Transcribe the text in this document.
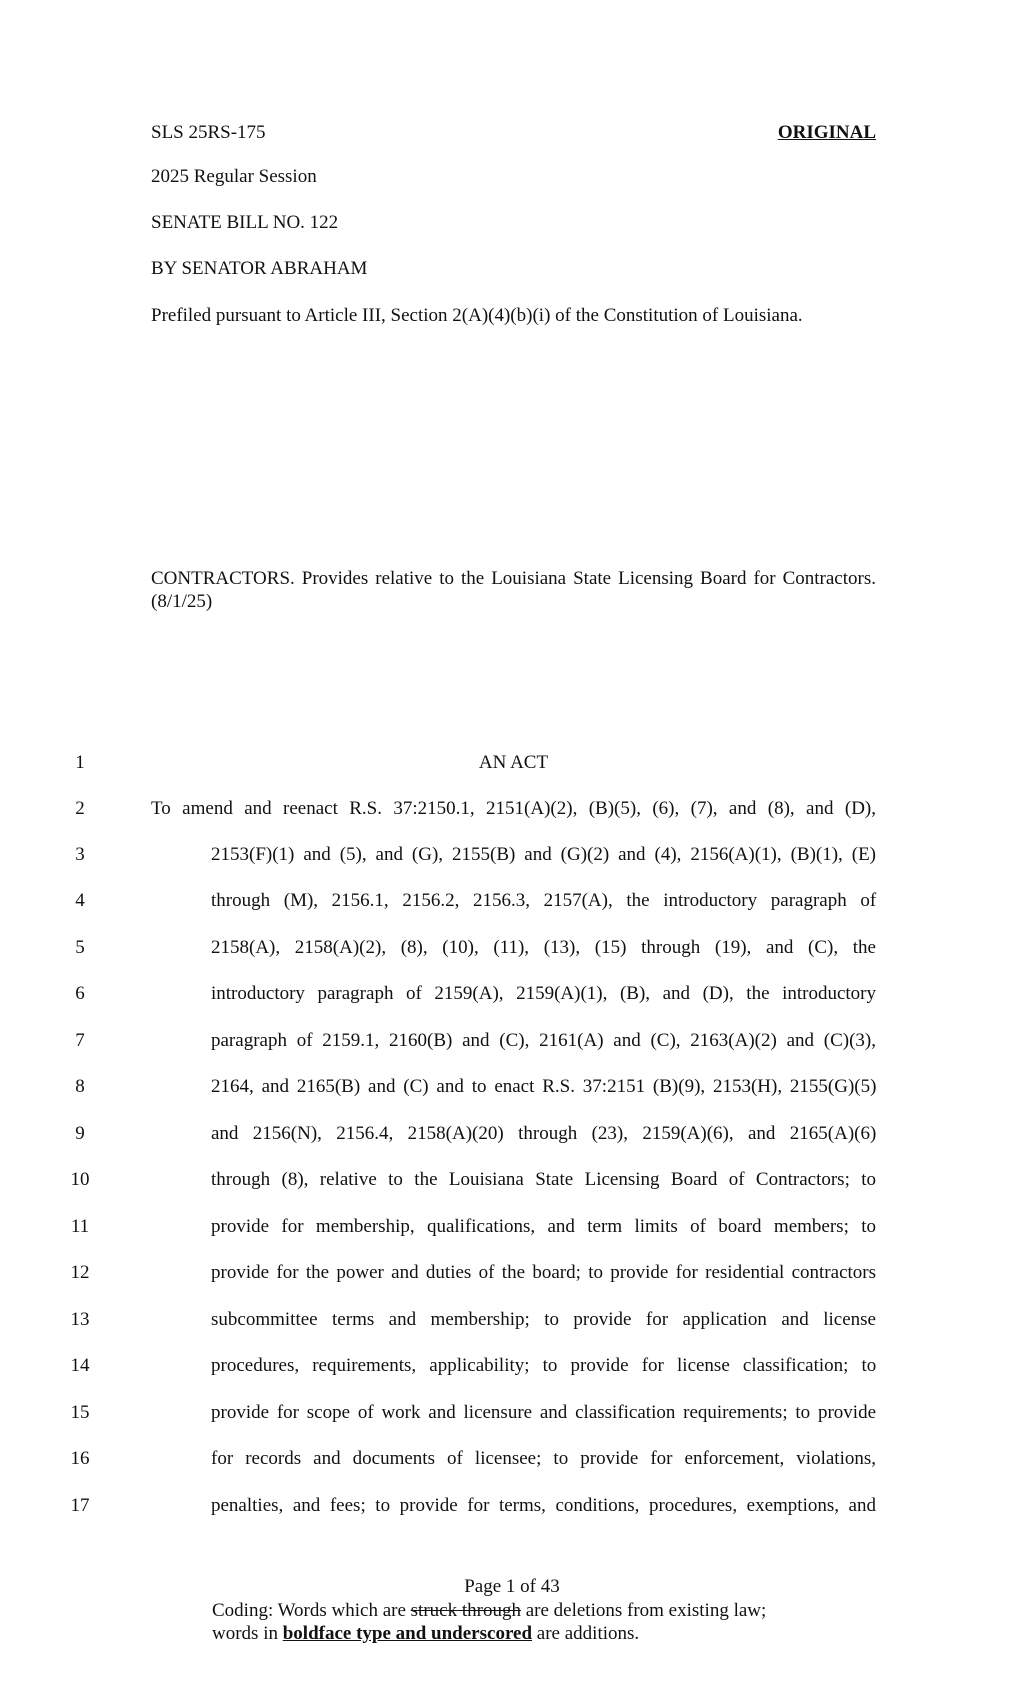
SLS 25RS-175	ORIGINAL
2025 Regular Session
SENATE BILL NO. 122
BY SENATOR ABRAHAM
Prefiled pursuant to Article III, Section 2(A)(4)(b)(i) of the Constitution of Louisiana.
CONTRACTORS. Provides relative to the Louisiana State Licensing Board for Contractors.
(8/1/25)
1	AN ACT
2	To amend and reenact R.S. 37:2150.1, 2151(A)(2), (B)(5), (6), (7), and (8), and (D),
3	2153(F)(1) and (5), and (G), 2155(B) and (G)(2) and (4), 2156(A)(1), (B)(1), (E)
4	through (M), 2156.1, 2156.2, 2156.3, 2157(A), the introductory paragraph of
5	2158(A), 2158(A)(2), (8), (10), (11), (13), (15) through (19), and (C), the
6	introductory paragraph of 2159(A), 2159(A)(1), (B), and (D), the introductory
7	paragraph of 2159.1, 2160(B) and (C), 2161(A) and (C), 2163(A)(2) and (C)(3),
8	2164, and 2165(B) and (C) and to enact R.S. 37:2151 (B)(9), 2153(H), 2155(G)(5)
9	and 2156(N), 2156.4, 2158(A)(20) through (23), 2159(A)(6), and 2165(A)(6)
10	through (8), relative to the Louisiana State Licensing Board of Contractors; to
11	provide for membership, qualifications, and term limits of board members; to
12	provide for the power and duties of the board; to provide for residential contractors
13	subcommittee terms and membership; to provide for application and license
14	procedures, requirements, applicability; to provide for license classification; to
15	provide for scope of work and licensure and classification requirements; to provide
16	for records and documents of licensee; to provide for enforcement, violations,
17	penalties, and fees; to provide for terms, conditions, procedures, exemptions, and
Page 1 of 43
Coding: Words which are struck through are deletions from existing law;
words in boldface type and underscored are additions.
